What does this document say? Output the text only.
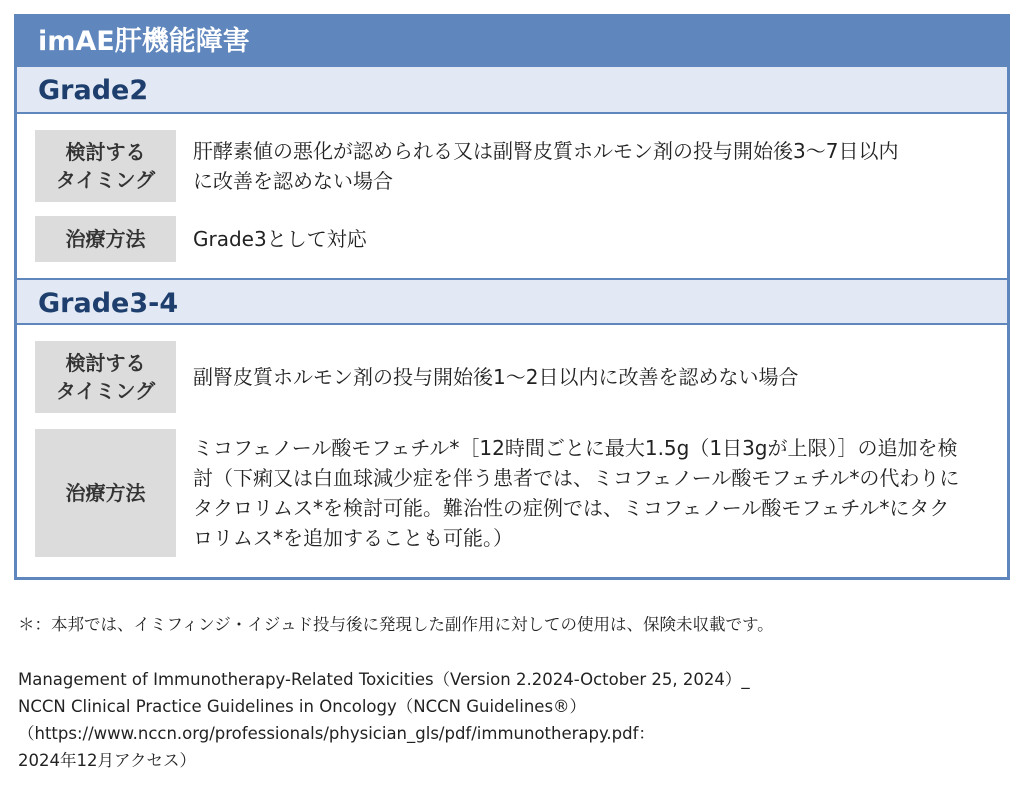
imAE肝機能障害
Grade2
検討する
タイミング
肝酵素値の悪化が認められる又は副腎皮質ホルモン剤の投与開始後3〜7日以内に改善を認めない場合
治療方法	Grade3として対応
Grade3-4
検討する
タイミング
副腎皮質ホルモン剤の投与開始後1〜2日以内に改善を認めない場合
治療方法
ミコフェノール酸モフェチル*［12時間ごとに最大1.5g（1日3gが上限）］の追加を検討（下痢又は白血球減少症を伴う患者では、ミコフェノール酸モフェチル*の代わりにタクロリムス*を検討可能。難治性の症例では、ミコフェノール酸モフェチル*にタクロリムス*を追加することも可能。）
＊：本邦では、イミフィンジ・イジュド投与後に発現した副作用に対しての使用は、保険未収載です。
Management of Immunotherapy-Related Toxicities（Version 2.2024-October 25, 2024）_
NCCN Clinical Practice Guidelines in Oncology（NCCN Guidelines®）
（https://www.nccn.org/professionals/physician_gls/pdf/immunotherapy.pdf：
2024年12月アクセス）
